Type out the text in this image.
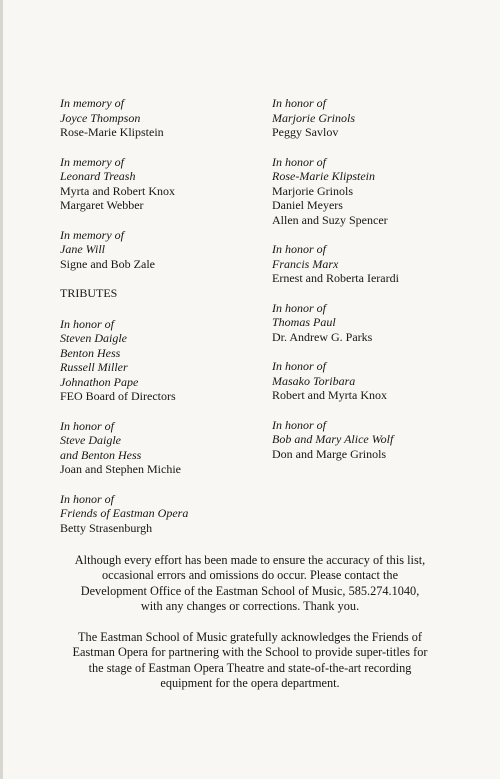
In memory of
Joyce Thompson
Rose-Marie Klipstein
In memory of
Leonard Treash
Myrta and Robert Knox
Margaret Webber
In memory of
Jane Will
Signe and Bob Zale
TRIBUTES
In honor of
Steven Daigle
Benton Hess
Russell Miller
Johnathon Pape
FEO Board of Directors
In honor of
Steve Daigle
and Benton Hess
Joan and Stephen Michie
In honor of
Friends of Eastman Opera
Betty Strasenburgh
In honor of
Marjorie Grinols
Peggy Savlov
In honor of
Rose-Marie Klipstein
Marjorie Grinols
Daniel Meyers
Allen and Suzy Spencer
In honor of
Francis Marx
Ernest and Roberta Ierardi
In honor of
Thomas Paul
Dr. Andrew G. Parks
In honor of
Masako Toribara
Robert and Myrta Knox
In honor of
Bob and Mary Alice Wolf
Don and Marge Grinols
Although every effort has been made to ensure the accuracy of this list,
occasional errors and omissions do occur. Please contact the
Development Office of the Eastman School of Music, 585.274.1040,
with any changes or corrections. Thank you.
The Eastman School of Music gratefully acknowledges the Friends of
Eastman Opera for partnering with the School to provide super-titles for
the stage of Eastman Opera Theatre and state-of-the-art recording
equipment for the opera department.
